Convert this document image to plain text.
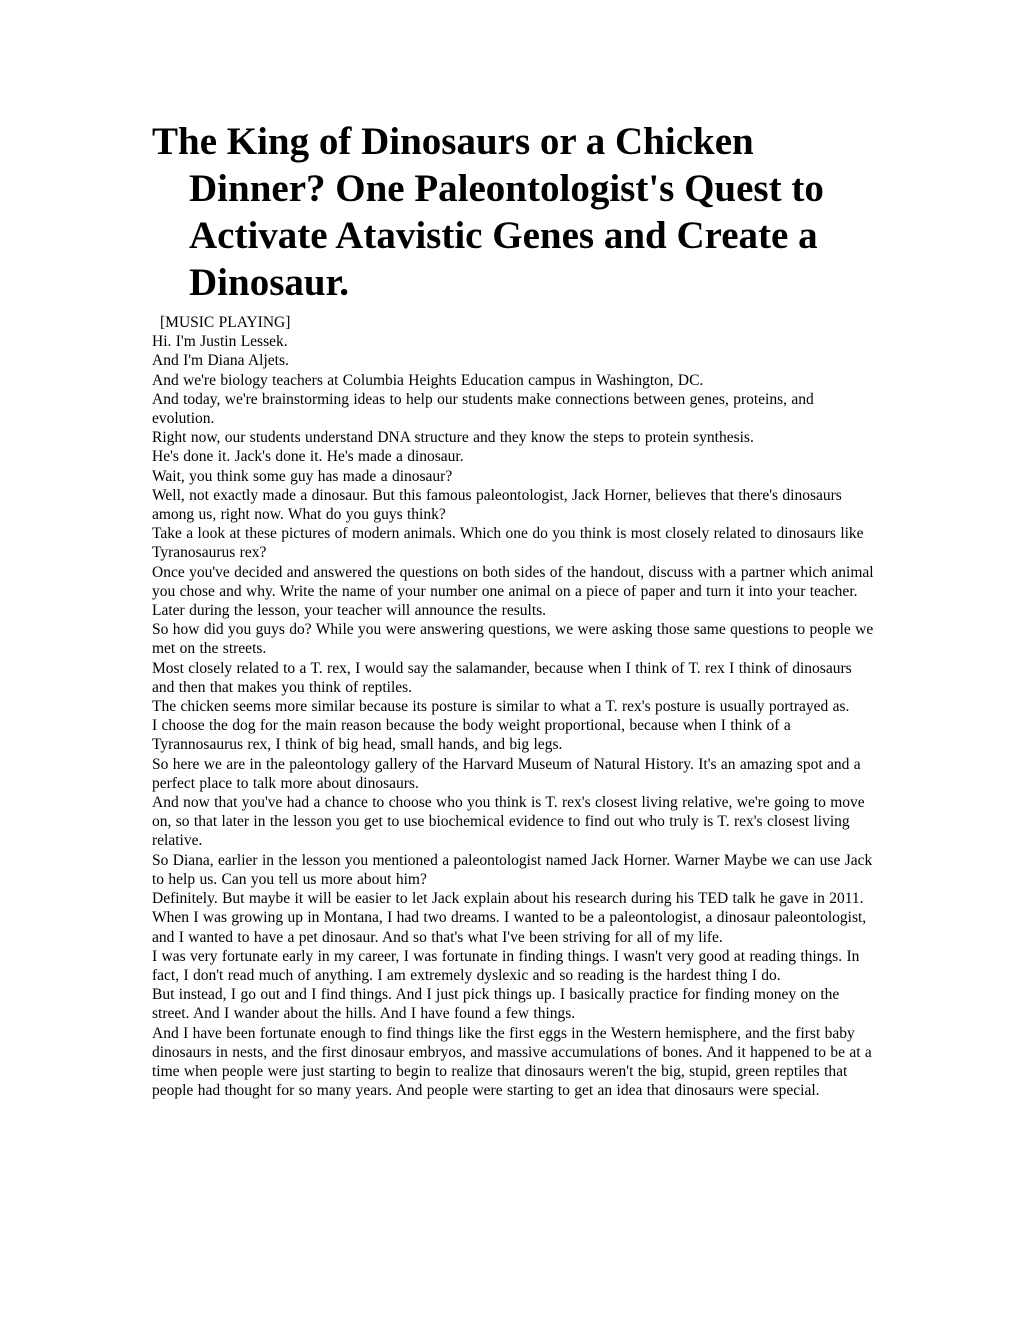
The King of Dinosaurs or a Chicken Dinner? One Paleontologist's Quest to Activate Atavistic Genes and Create a Dinosaur.

[MUSIC PLAYING]

Hi. I'm Justin Lessek.

And I'm Diana Aljets.

And we're biology teachers at Columbia Heights Education campus in Washington, DC.

And today, we're brainstorming ideas to help our students make connections between genes, proteins, and evolution.

Right now, our students understand DNA structure and they know the steps to protein synthesis.

He's done it. Jack's done it. He's made a dinosaur.

Wait, you think some guy has made a dinosaur?

Well, not exactly made a dinosaur. But this famous paleontologist, Jack Horner, believes that there's dinosaurs among us, right now. What do you guys think?

Take a look at these pictures of modern animals. Which one do you think is most closely related to dinosaurs like Tyranosaurus rex?

Once you've decided and answered the questions on both sides of the handout, discuss with a partner which animal you chose and why. Write the name of your number one animal on a piece of paper and turn it into your teacher. Later during the lesson, your teacher will announce the results.

So how did you guys do? While you were answering questions, we were asking those same questions to people we met on the streets.

Most closely related to a T. rex, I would say the salamander, because when I think of T. rex I think of dinosaurs and then that makes you think of reptiles.

The chicken seems more similar because its posture is similar to what a T. rex's posture is usually portrayed as.

I choose the dog for the main reason because the body weight proportional, because when I think of a Tyrannosaurus rex, I think of big head, small hands, and big legs.

So here we are in the paleontology gallery of the Harvard Museum of Natural History. It's an amazing spot and a perfect place to talk more about dinosaurs.

And now that you've had a chance to choose who you think is T. rex's closest living relative, we're going to move on, so that later in the lesson you get to use biochemical evidence to find out who truly is T. rex's closest living relative.

So Diana, earlier in the lesson you mentioned a paleontologist named Jack Horner. Warner Maybe we can use Jack to help us. Can you tell us more about him?

Definitely. But maybe it will be easier to let Jack explain about his research during his TED talk he gave in 2011.

When I was growing up in Montana, I had two dreams. I wanted to be a paleontologist, a dinosaur paleontologist, and I wanted to have a pet dinosaur. And so that's what I've been striving for all of my life.

I was very fortunate early in my career, I was fortunate in finding things. I wasn't very good at reading things. In fact, I don't read much of anything. I am extremely dyslexic and so reading is the hardest thing I do.

But instead, I go out and I find things. And I just pick things up. I basically practice for finding money on the street. And I wander about the hills. And I have found a few things.

And I have been fortunate enough to find things like the first eggs in the Western hemisphere, and the first baby dinosaurs in nests, and the first dinosaur embryos, and massive accumulations of bones. And it happened to be at a time when people were just starting to begin to realize that dinosaurs weren't the big, stupid, green reptiles that people had thought for so many years. And people were starting to get an idea that dinosaurs were special.
